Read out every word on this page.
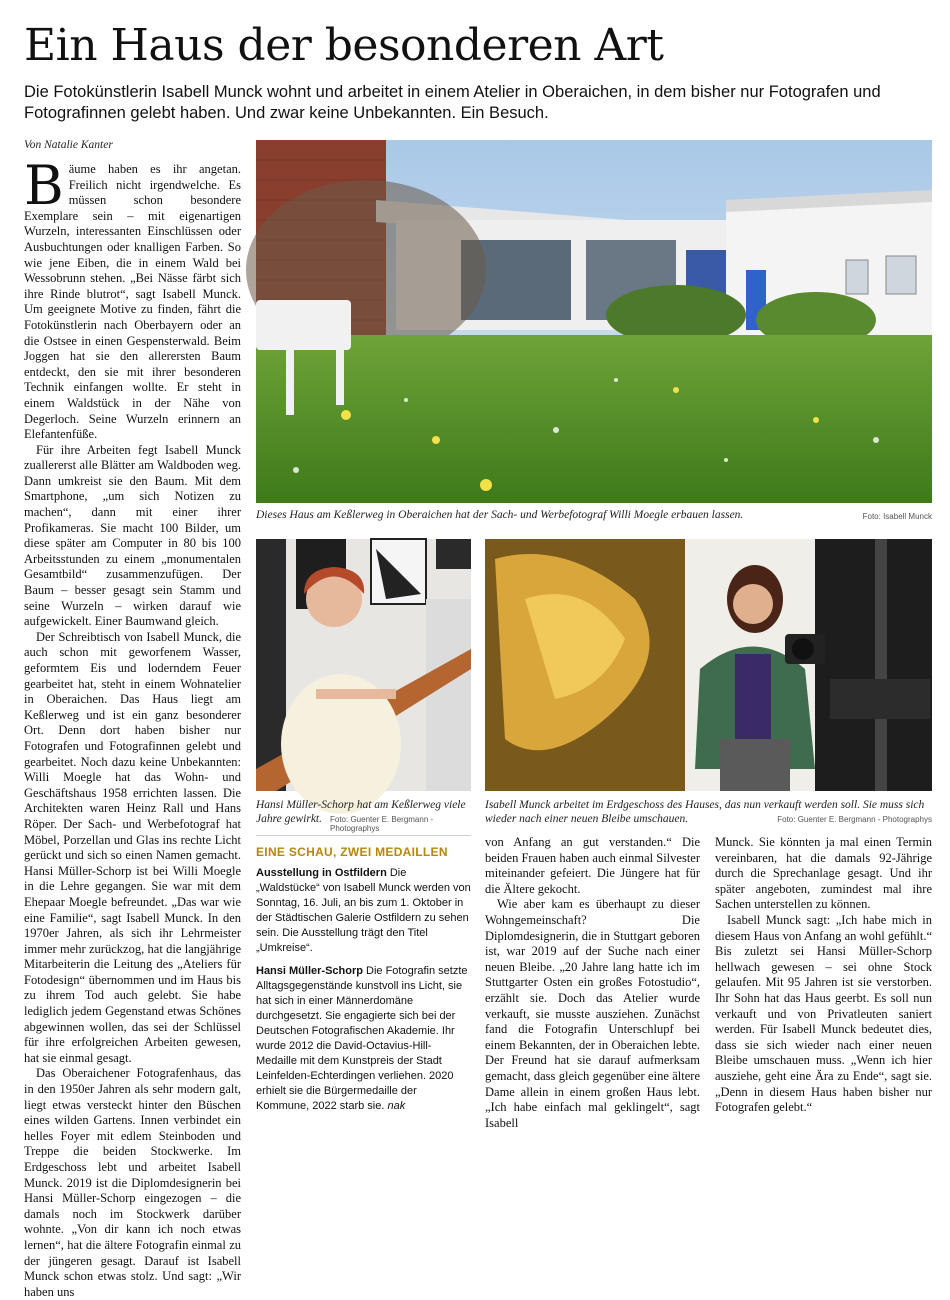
Ein Haus der besonderen Art

Die Fotokünstlerin Isabell Munck wohnt und arbeitet in einem Atelier in Oberaichen, in dem bisher nur Fotografen und Fotografinnen gelebt haben. Und zwar keine Unbekannten. Ein Besuch.

Von Natalie Kanter

Bäume haben es ihr angetan. Freilich nicht irgendwelche. Es müssen schon besondere Exemplare sein – mit eigenartigen Wurzeln, interessanten Einschlüssen oder Ausbuchtungen oder knalligen Farben. So wie jene Eiben, die in einem Wald bei Wessobrunn stehen. „Bei Nässe färbt sich ihre Rinde blutrot“, sagt Isabell Munck. Um geeignete Motive zu finden, fährt die Fotokünstlerin nach Oberbayern oder an die Ostsee in einen Gespensterwald. Beim Joggen hat sie den allerersten Baum entdeckt, den sie mit ihrer besonderen Technik einfangen wollte. Er steht in einem Waldstück in der Nähe von Degerloch. Seine Wurzeln erinnern an Elefantenfüße.

Für ihre Arbeiten fegt Isabell Munck zuallererst alle Blätter am Waldboden weg. Dann umkreist sie den Baum. Mit dem Smartphone, „um sich Notizen zu machen“, dann mit einer ihrer Profikameras. Sie macht 100 Bilder, um diese später am Computer in 80 bis 100 Arbeitsstunden zu einem „monumentalen Gesamtbild“ zusammenzufügen. Der Baum – besser gesagt sein Stamm und seine Wurzeln – wirken darauf wie aufgewickelt. Einer Baumwand gleich.

Der Schreibtisch von Isabell Munck, die auch schon mit geworfenem Wasser, geformtem Eis und loderndem Feuer gearbeitet hat, steht in einem Wohnatelier in Oberaichen. Das Haus liegt am Keßlerweg und ist ein ganz besonderer Ort. Denn dort haben bisher nur Fotografen und Fotografinnen gelebt und gearbeitet. Noch dazu keine Unbekannten: Willi Moegle hat das Wohn- und Geschäftshaus 1958 errichten lassen. Die Architekten waren Heinz Rall und Hans Röper. Der Sach- und Werbefotograf hat Möbel, Porzellan und Glas ins rechte Licht gerückt und sich so einen Namen gemacht. Hansi Müller-Schorp ist bei Willi Moegle in die Lehre gegangen. Sie war mit dem Ehepaar Moegle befreundet. „Das war wie eine Familie“, sagt Isabell Munck. In den 1970er Jahren, als sich ihr Lehrmeister immer mehr zurückzog, hat die langjährige Mitarbeiterin die Leitung des „Ateliers für Fotodesign“ übernommen und im Haus bis zu ihrem Tod auch gelebt. Sie habe lediglich jedem Gegenstand etwas Schönes abgewinnen wollen, das sei der Schlüssel für ihre erfolgreichen Arbeiten gewesen, hat sie einmal gesagt.

Das Oberaichener Fotografenhaus, das in den 1950er Jahren als sehr modern galt, liegt etwas versteckt hinter den Büschen eines wilden Gartens. Innen verbindet ein helles Foyer mit edlem Steinboden und Treppe die beiden Stockwerke. Im Erdgeschoss lebt und arbeitet Isabell Munck. 2019 ist die Diplomdesignerin bei Hansi Müller-Schorp eingezogen – die damals noch im Stockwerk darüber wohnte. „Von dir kann ich noch etwas lernen“, hat die ältere Fotografin einmal zu der jüngeren gesagt. Darauf ist Isabell Munck schon etwas stolz. Und sagt: „Wir haben uns

Dieses Haus am Keßlerweg in Oberaichen hat der Sach- und Werbefotograf Willi Moegle erbauen lassen.	Foto: Isabell Munck
Hansi Müller-Schorp hat am Keßlerweg viele Jahre gewirkt. Foto: Guenter E. Bergmann - Photographys
Isabell Munck arbeitet im Erdgeschoss des Hauses, das nun verkauft werden soll. Sie muss sich wieder nach einer neuen Bleibe umschauen.	Foto: Guenter E. Bergmann - Photographys
EINE SCHAU, ZWEI MEDAILLEN

Ausstellung in Ostfildern Die „Waldstücke“ von Isabell Munck werden von Sonntag, 16. Juli, an bis zum 1. Oktober in der Städtischen Galerie Ostfildern zu sehen sein. Die Ausstellung trägt den Titel „Umkreise“.

Hansi Müller-Schorp Die Fotografin setzte Alltagsgegenstände kunstvoll ins Licht, sie hat sich in einer Männerdomäne durchgesetzt. Sie engagierte sich bei der Deutschen Fotografischen Akademie. Ihr wurde 2012 die David-Octavius-Hill-Medaille mit dem Kunstpreis der Stadt Leinfelden-Echterdingen verliehen. 2020 erhielt sie die Bürgermedaille der Kommune, 2022 starb sie. nak

von Anfang an gut verstanden.“ Die beiden Frauen haben auch einmal Silvester miteinander gefeiert. Die Jüngere hat für die Ältere gekocht.

Wie aber kam es überhaupt zu dieser Wohngemeinschaft? Die Diplomdesignerin, die in Stuttgart geboren ist, war 2019 auf der Suche nach einer neuen Bleibe. „20 Jahre lang hatte ich im Stuttgarter Osten ein großes Fotostudio“, erzählt sie. Doch das Atelier wurde verkauft, sie musste ausziehen. Zunächst fand die Fotografin Unterschlupf bei einem Bekannten, der in Oberaichen lebte. Der Freund hat sie darauf aufmerksam gemacht, dass gleich gegenüber eine ältere Dame allein in einem großen Haus lebt. „Ich habe einfach mal geklingelt“, sagt Isabell

Munck. Sie könnten ja mal einen Termin vereinbaren, hat die damals 92-Jährige durch die Sprechanlage gesagt. Und ihr später angeboten, zumindest mal ihre Sachen unterstellen zu können.

Isabell Munck sagt: „Ich habe mich in diesem Haus von Anfang an wohl gefühlt.“ Bis zuletzt sei Hansi Müller-Schorp hellwach gewesen – sei ohne Stock gelaufen. Mit 95 Jahren ist sie verstorben. Ihr Sohn hat das Haus geerbt. Es soll nun verkauft und von Privatleuten saniert werden. Für Isabell Munck bedeutet dies, dass sie sich wieder nach einer neuen Bleibe umschauen muss. „Wenn ich hier ausziehe, geht eine Ära zu Ende“, sagt sie. „Denn in diesem Haus haben bisher nur Fotografen gelebt.“
